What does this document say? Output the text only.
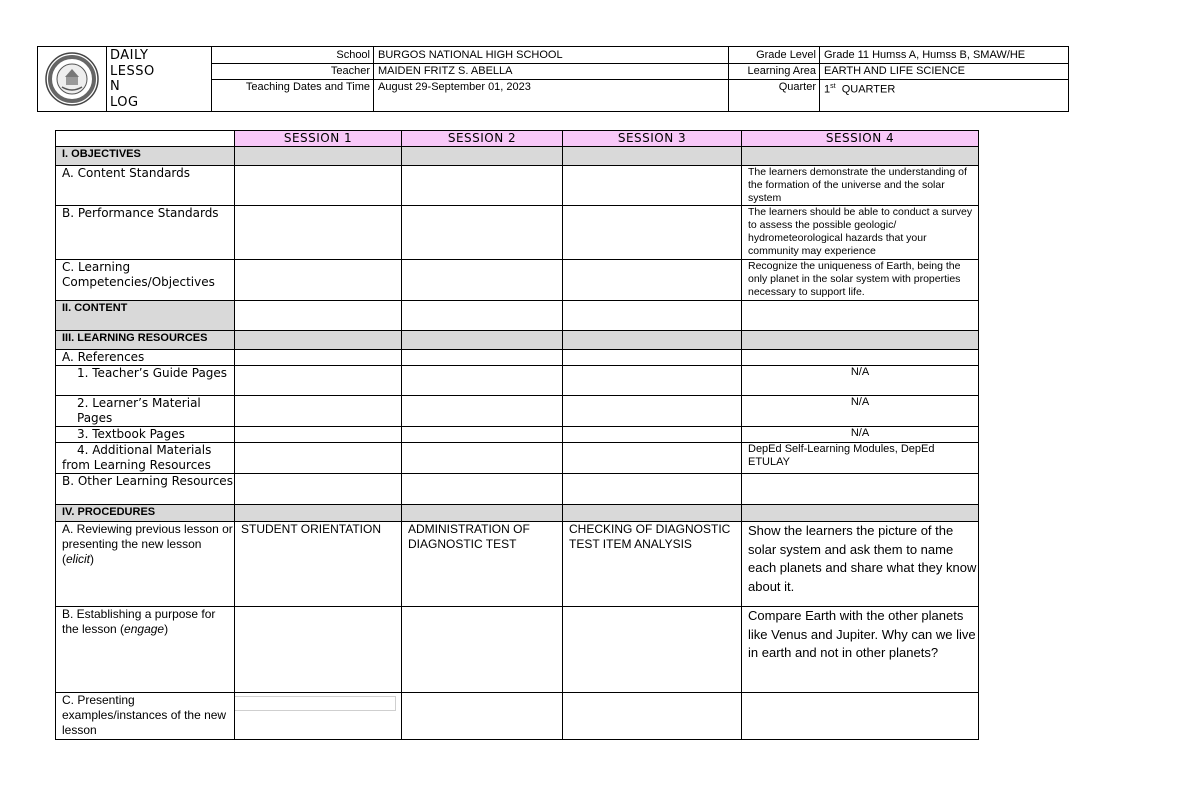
DAILY
LESSO
N
LOG
School BURGOS NATIONAL HIGH SCHOOL	Grade Level Grade 11 Humss A, Humss B, SMAW/HE
Teacher MAIDEN FRITZ S. ABELLA	Learning Area EARTH AND LIFE SCIENCE
Teaching Dates and Time August 29-September 01, 2023	Quarter 1st QUARTER
	SESSION 1	SESSION 2	SESSION 3	SESSION 4
I. OBJECTIVES				
A. Content Standards				The learners demonstrate the understanding of the formation of the universe and the solar system
B. Performance Standards				The learners should be able to conduct a survey to assess the possible geologic/ hydrometeorological hazards that your community may experience
C. Learning Competencies/Objectives				Recognize the uniqueness of Earth, being the only planet in the solar system with properties necessary to support life.
II. CONTENT				
III. LEARNING RESOURCES				
A. References				
1. Teacher’s Guide Pages				N/A
2. Learner’s Material Pages				N/A
3. Textbook Pages				N/A
4. Additional Materials from Learning Resources				DepEd Self-Learning Modules, DepEd ETULAY
B. Other Learning Resources				
IV. PROCEDURES				
A. Reviewing previous lesson or presenting the new lesson (elicit)	STUDENT ORIENTATION	ADMINISTRATION OF DIAGNOSTIC TEST	CHECKING OF DIAGNOSTIC TEST ITEM ANALYSIS	Show the learners the picture of the solar system and ask them to name each planets and share what they know about it.
B. Establishing a purpose for the lesson (engage)				Compare Earth with the other planets like Venus and Jupiter. Why can we live in earth and not in other planets?
C. Presenting examples/instances of the new lesson	
